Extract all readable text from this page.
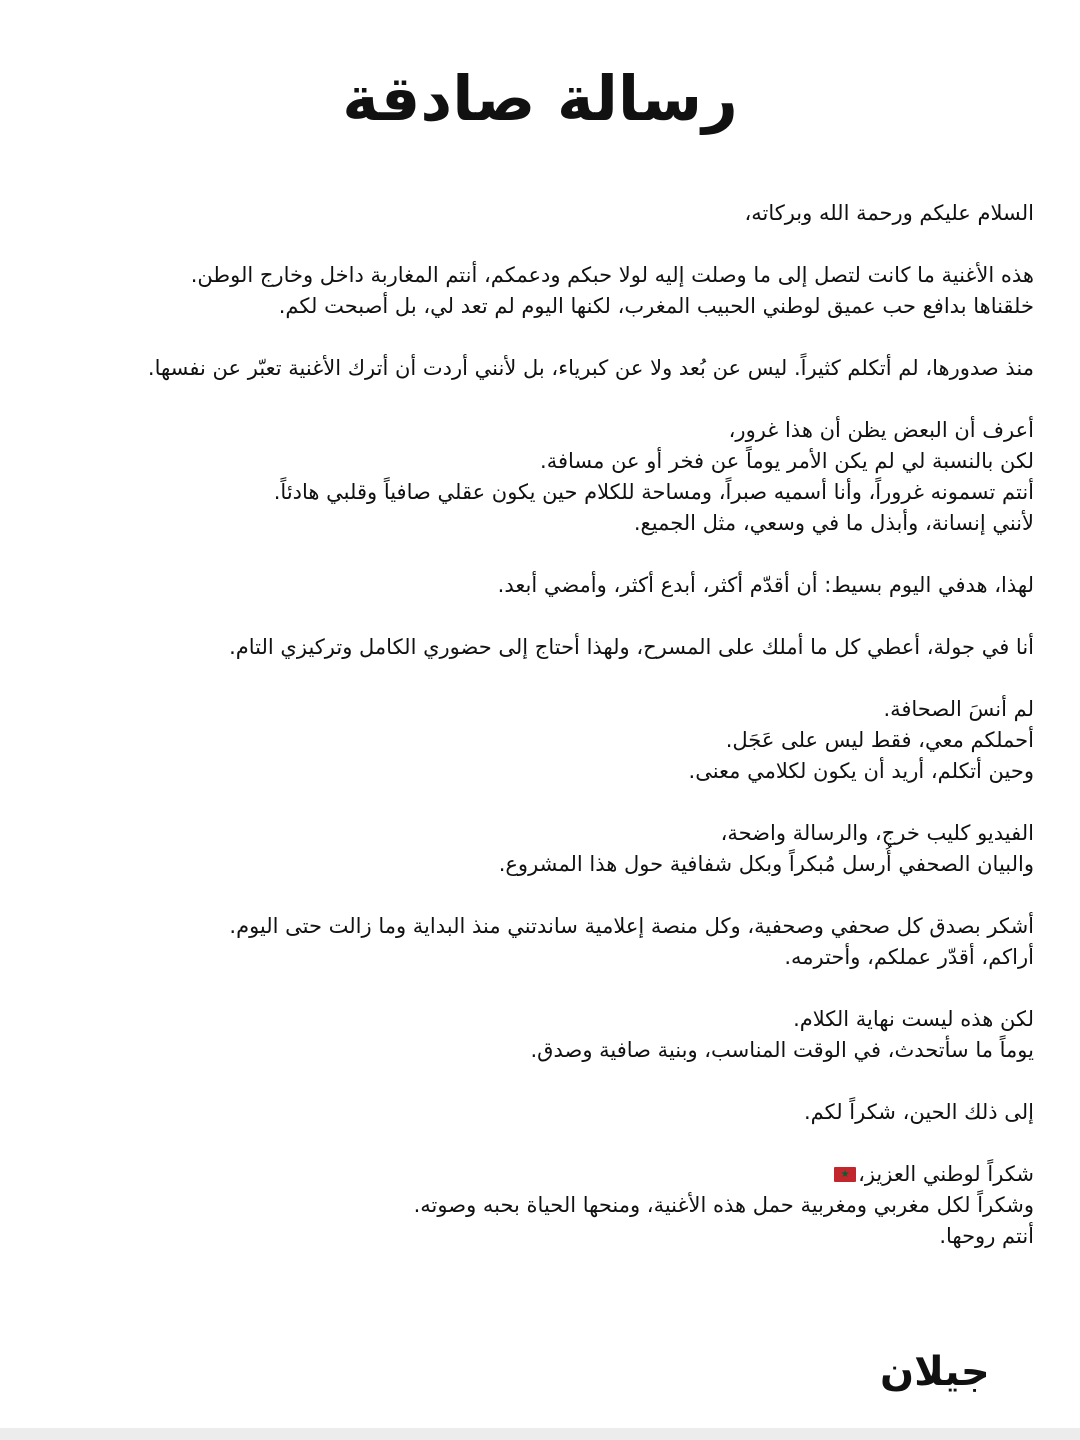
رسالة صادقة

السلام عليكم ورحمة الله وبركاته،

هذه الأغنية ما كانت لتصل إلى ما وصلت إليه لولا حبكم ودعمكم، أنتم المغاربة داخل وخارج الوطن.
خلقناها بدافع حب عميق لوطني الحبيب المغرب، لكنها اليوم لم تعد لي، بل أصبحت لكم.

منذ صدورها، لم أتكلم كثيراً. ليس عن بُعد ولا عن كبرياء، بل لأنني أردت أن أترك الأغنية تعبّر عن نفسها.

أعرف أن البعض يظن أن هذا غرور،
لكن بالنسبة لي لم يكن الأمر يوماً عن فخر أو عن مسافة.
أنتم تسمونه غروراً، وأنا أسميه صبراً، ومساحة للكلام حين يكون عقلي صافياً وقلبي هادئاً.
لأنني إنسانة، وأبذل ما في وسعي، مثل الجميع.

لهذا، هدفي اليوم بسيط: أن أقدّم أكثر، أبدع أكثر، وأمضي أبعد.

أنا في جولة، أعطي كل ما أملك على المسرح، ولهذا أحتاج إلى حضوري الكامل وتركيزي التام.

لم أنسَ الصحافة.
أحملكم معي، فقط ليس على عَجَل.
وحين أتكلم، أريد أن يكون لكلامي معنى.

الفيديو كليب خرج، والرسالة واضحة،
والبيان الصحفي أُرسل مُبكراً وبكل شفافية حول هذا المشروع.

أشكر بصدق كل صحفي وصحفية، وكل منصة إعلامية ساندتني منذ البداية وما زالت حتى اليوم.
أراكم، أقدّر عملكم، وأحترمه.

لكن هذه ليست نهاية الكلام.
يوماً ما سأتحدث، في الوقت المناسب، وبنية صافية وصدق.

إلى ذلك الحين، شكراً لكم.

شكراً لوطني العزيز،★
وشكراً لكل مغربي ومغربية حمل هذه الأغنية، ومنحها الحياة بحبه وصوته.
أنتم روحها.

جيلان
